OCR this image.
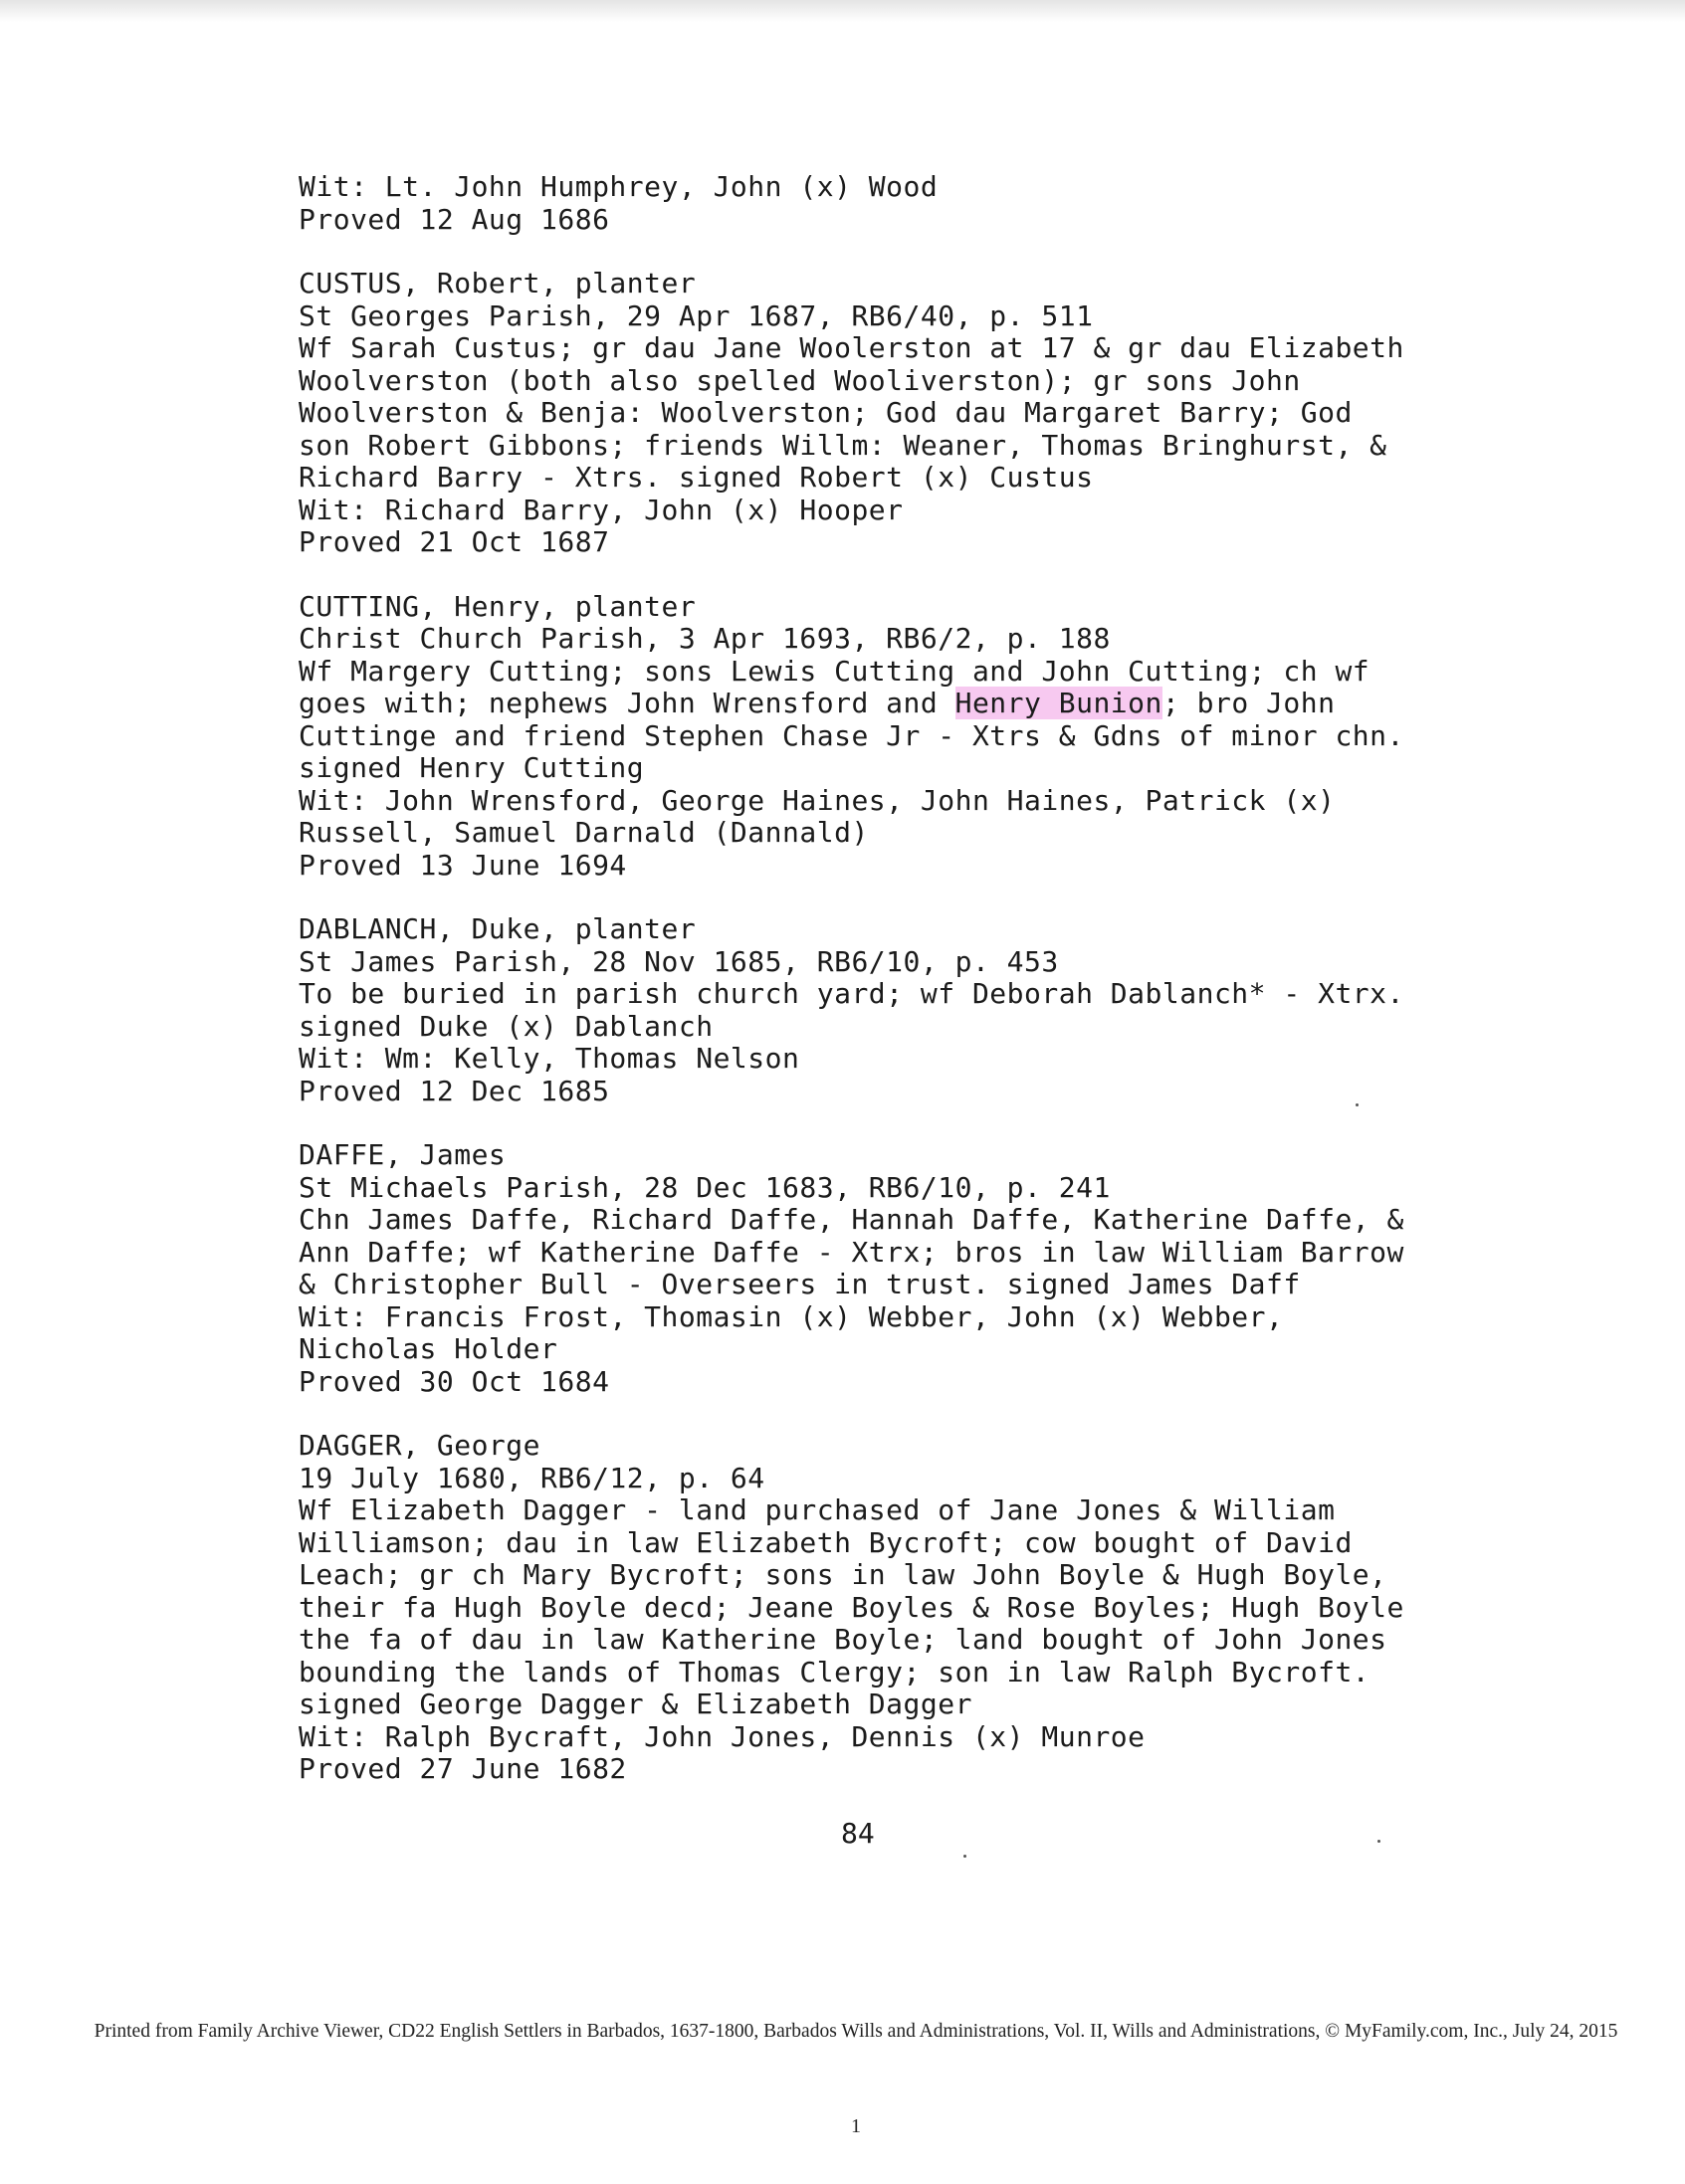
Wit: Lt. John Humphrey, John (x) Wood
Proved 12 Aug 1686
CUSTUS, Robert, planter
St Georges Parish, 29 Apr 1687, RB6/40, p. 511
Wf Sarah Custus; gr dau Jane Woolerston at 17 & gr dau Elizabeth
Woolverston (both also spelled Wooliverston); gr sons John
Woolverston & Benja: Woolverston; God dau Margaret Barry; God
son Robert Gibbons; friends Willm: Weaner, Thomas Bringhurst, &
Richard Barry - Xtrs. signed Robert (x) Custus
Wit: Richard Barry, John (x) Hooper
Proved 21 Oct 1687
CUTTING, Henry, planter
Christ Church Parish, 3 Apr 1693, RB6/2, p. 188
Wf Margery Cutting; sons Lewis Cutting and John Cutting; ch wf
goes with; nephews John Wrensford and Henry Bunion; bro John
Cuttinge and friend Stephen Chase Jr - Xtrs & Gdns of minor chn.
signed Henry Cutting
Wit: John Wrensford, George Haines, John Haines, Patrick (x)
Russell, Samuel Darnald (Dannald)
Proved 13 June 1694
DABLANCH, Duke, planter
St James Parish, 28 Nov 1685, RB6/10, p. 453
To be buried in parish church yard; wf Deborah Dablanch* - Xtrx.
signed Duke (x) Dablanch
Wit: Wm: Kelly, Thomas Nelson
Proved 12 Dec 1685
DAFFE, James
St Michaels Parish, 28 Dec 1683, RB6/10, p. 241
Chn James Daffe, Richard Daffe, Hannah Daffe, Katherine Daffe, &
Ann Daffe; wf Katherine Daffe - Xtrx; bros in law William Barrow
& Christopher Bull - Overseers in trust. signed James Daff
Wit: Francis Frost, Thomasin (x) Webber, John (x) Webber,
Nicholas Holder
Proved 30 Oct 1684
DAGGER, George
19 July 1680, RB6/12, p. 64
Wf Elizabeth Dagger - land purchased of Jane Jones & William
Williamson; dau in law Elizabeth Bycroft; cow bought of David
Leach; gr ch Mary Bycroft; sons in law John Boyle & Hugh Boyle,
their fa Hugh Boyle decd; Jeane Boyles & Rose Boyles; Hugh Boyle
the fa of dau in law Katherine Boyle; land bought of John Jones
bounding the lands of Thomas Clergy; son in law Ralph Bycroft.
signed George Dagger & Elizabeth Dagger
Wit: Ralph Bycraft, John Jones, Dennis (x) Munroe
Proved 27 June 1682
84
Printed from Family Archive Viewer, CD22 English Settlers in Barbados, 1637-1800, Barbados Wills and Administrations, Vol. II, Wills and Administrations, © MyFamily.com, Inc., July 24, 2015
1
